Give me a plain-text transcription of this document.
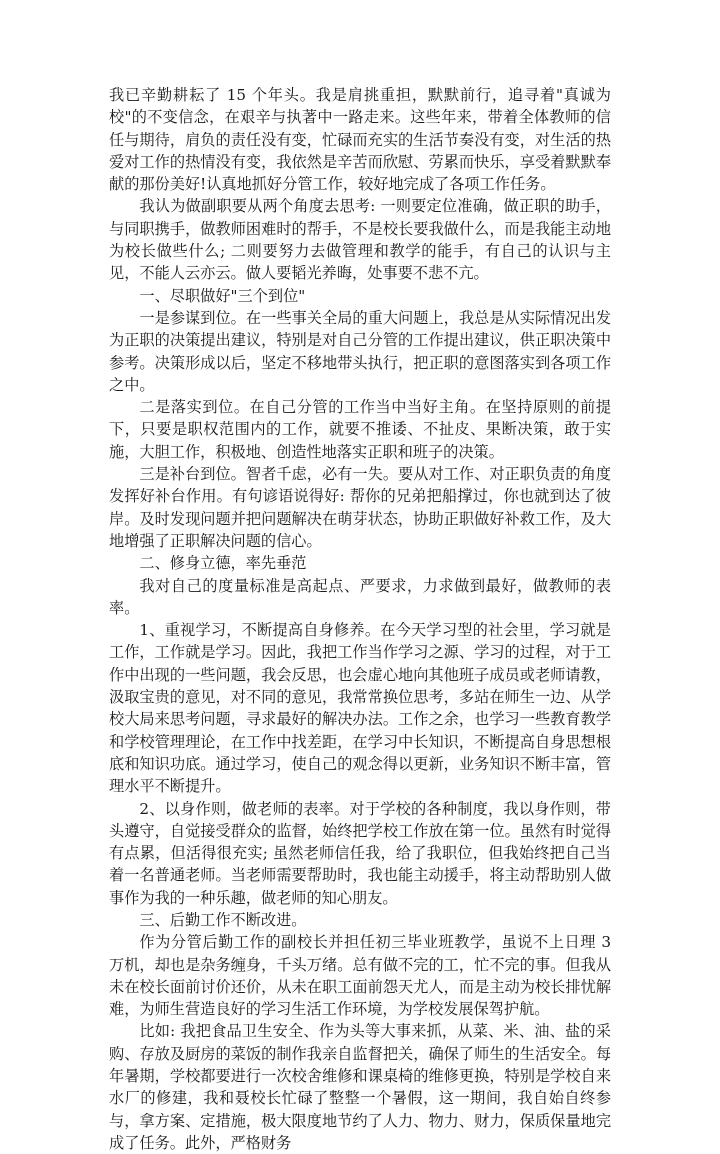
我已辛勤耕耘了 15 个年头。我是肩挑重担，默默前行，追寻着"真诚为校"的不变信念，在艰辛与执著中一路走来。这些年来，带着全体教师的信任与期待，肩负的责任没有变，忙碌而充实的生活节奏没有变，对生活的热爱对工作的热情没有变，我依然是辛苦而欣慰、劳累而快乐，享受着默默奉献的那份美好!认真地抓好分管工作，较好地完成了各项工作任务。

我认为做副职要从两个角度去思考: 一则要定位准确，做正职的助手，与同职携手，做教师困难时的帮手，不是校长要我做什么，而是我能主动地为校长做些什么; 二则要努力去做管理和教学的能手，有自己的认识与主见，不能人云亦云。做人要韬光养晦，处事要不悲不亢。

一、尽职做好"三个到位"

一是参谋到位。在一些事关全局的重大问题上，我总是从实际情况出发为正职的决策提出建议，特别是对自己分管的工作提出建议，供正职决策中参考。决策形成以后，坚定不移地带头执行，把正职的意图落实到各项工作之中。

二是落实到位。在自己分管的工作当中当好主角。在坚持原则的前提下，只要是职权范围内的工作，就要不推诿、不扯皮、果断决策，敢于实施，大胆工作，积极地、创造性地落实正职和班子的决策。

三是补台到位。智者千虑，必有一失。要从对工作、对正职负责的角度发挥好补台作用。有句谚语说得好: 帮你的兄弟把船撑过，你也就到达了彼岸。及时发现问题并把问题解决在萌芽状态，协助正职做好补救工作，及大地增强了正职解决问题的信心。

二、修身立德，率先垂范

我对自己的度量标准是高起点、严要求，力求做到最好，做教师的表率。

1、重视学习，不断提高自身修养。在今天学习型的社会里，学习就是工作，工作就是学习。因此，我把工作当作学习之源、学习的过程，对于工作中出现的一些问题，我会反思，也会虚心地向其他班子成员或老师请教，汲取宝贵的意见，对不同的意见，我常常换位思考，多站在师生一边、从学校大局来思考问题，寻求最好的解决办法。工作之余，也学习一些教育教学和学校管理理论，在工作中找差距，在学习中长知识，不断提高自身思想根底和知识功底。通过学习，使自己的观念得以更新，业务知识不断丰富，管理水平不断提升。

2、以身作则，做老师的表率。对于学校的各种制度，我以身作则，带头遵守，自觉接受群众的监督，始终把学校工作放在第一位。虽然有时觉得有点累，但活得很充实; 虽然老师信任我，给了我职位，但我始终把自己当着一名普通老师。当老师需要帮助时，我也能主动援手，将主动帮助别人做事作为我的一种乐趣，做老师的知心朋友。

三、后勤工作不断改进。

作为分管后勤工作的副校长并担任初三毕业班教学，虽说不上日理 3 万机，却也是杂务缠身，千头万绪。总有做不完的工，忙不完的事。但我从未在校长面前讨价还价，从未在职工面前怨天尤人，而是主动为校长排忧解难，为师生营造良好的学习生活工作环境，为学校发展保驾护航。

比如: 我把食品卫生安全、作为头等大事来抓，从菜、米、油、盐的采购、存放及厨房的菜饭的制作我亲自监督把关，确保了师生的生活安全。每年暑期，学校都要进行一次校舍维修和课桌椅的维修更换，特别是学校自来水厂的修建，我和聂校长忙碌了整整一个暑假，这一期间，我自始自终参与，拿方案、定措施，极大限度地节约了人力、物力、财力，保质保量地完成了任务。此外，严格财务
